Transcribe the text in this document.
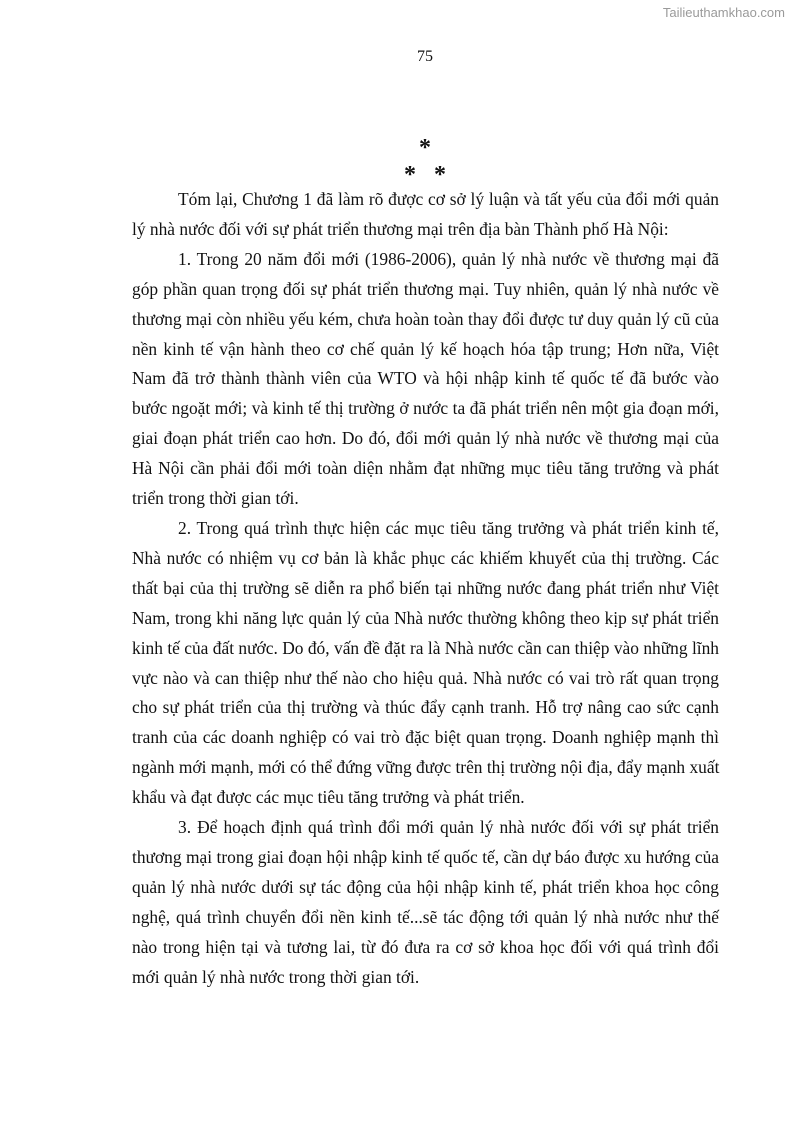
Tailieuthamkhao.com
75
*
* *
Tóm lại, Chương 1 đã làm rõ được cơ sở lý luận và tất yếu của đổi mới quản
lý nhà nước đối với sự phát triển thương mại trên địa bàn Thành phố Hà Nội:
1. Trong 20 năm đổi mới (1986-2006), quản lý nhà nước về thương mại đã
góp phần quan trọng đối sự phát triển thương mại. Tuy nhiên, quản lý nhà nước về
thương mại còn nhiều yếu kém, chưa hoàn toàn thay đổi được tư duy quản lý cũ của
nền kinh tế vận hành theo cơ chế quản lý kế hoạch hóa tập trung; Hơn nữa, Việt
Nam đã trở thành thành viên của WTO và hội nhập kinh tế quốc tế đã bước vào
bước ngoặt mới; và kinh tế thị trường ở nước ta đã phát triển nên một gia đoạn mới,
giai đoạn phát triển cao hơn. Do đó, đổi mới quản lý nhà nước về thương mại của
Hà Nội cần phải đổi mới toàn diện nhằm đạt những mục tiêu tăng trưởng và phát
triển trong thời gian tới.
2. Trong quá trình thực hiện các mục tiêu tăng trưởng và phát triển kinh tế,
Nhà nước có nhiệm vụ cơ bản là khắc phục các khiếm khuyết của thị trường. Các
thất bại của thị trường sẽ diễn ra phổ biến tại những nước đang phát triển như Việt
Nam, trong khi năng lực quản lý của Nhà nước thường không theo kịp sự phát triển
kinh tế của đất nước. Do đó, vấn đề đặt ra là Nhà nước cần can thiệp vào những lĩnh
vực nào và can thiệp như thế nào cho hiệu quả. Nhà nước có vai trò rất quan trọng
cho sự phát triển của thị trường và thúc đẩy cạnh tranh. Hỗ trợ nâng cao sức cạnh
tranh của các doanh nghiệp có vai trò đặc biệt quan trọng. Doanh nghiệp mạnh thì
ngành mới mạnh, mới có thể đứng vững được trên thị trường nội địa, đẩy mạnh xuất
khẩu và đạt được các mục tiêu tăng trưởng và phát triển.
3. Để hoạch định quá trình đổi mới quản lý nhà nước đối với sự phát triển
thương mại trong giai đoạn hội nhập kinh tế quốc tế, cần dự báo được xu hướng của
quản lý nhà nước dưới sự tác động của hội nhập kinh tế, phát triển khoa học công
nghệ, quá trình chuyển đổi nền kinh tế...sẽ tác động tới quản lý nhà nước như thế
nào trong hiện tại và tương lai, từ đó đưa ra cơ sở khoa học đối với quá trình đổi
mới quản lý nhà nước trong thời gian tới.
